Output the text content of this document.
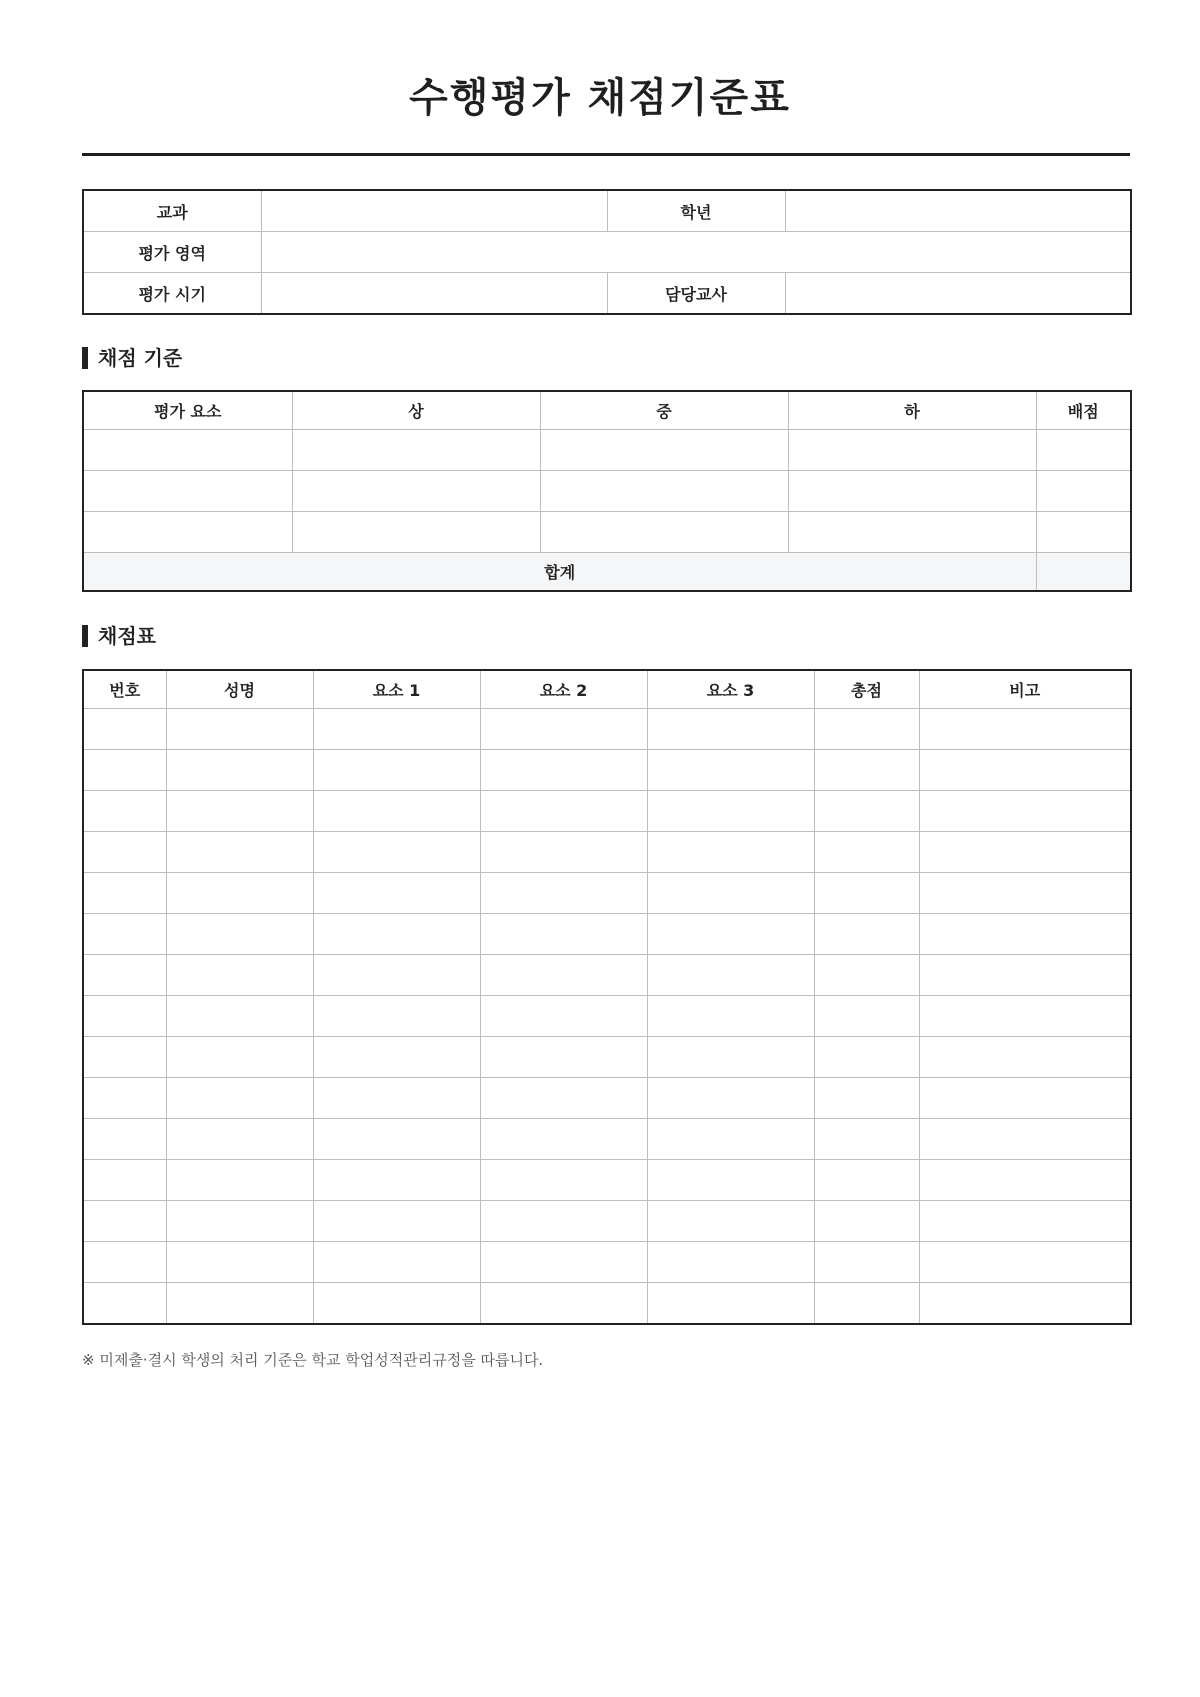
수행평가 채점기준표
교과		학년	
평가 영역			
평가 시기		담당교사	
채점 기준
평가 요소	상	중	하	배점

합계				
채점표
번호	성명	요소 1	요소 2	요소 3	총점	비고

※ 미제출·결시 학생의 처리 기준은 학교 학업성적관리규정을 따릅니다.
